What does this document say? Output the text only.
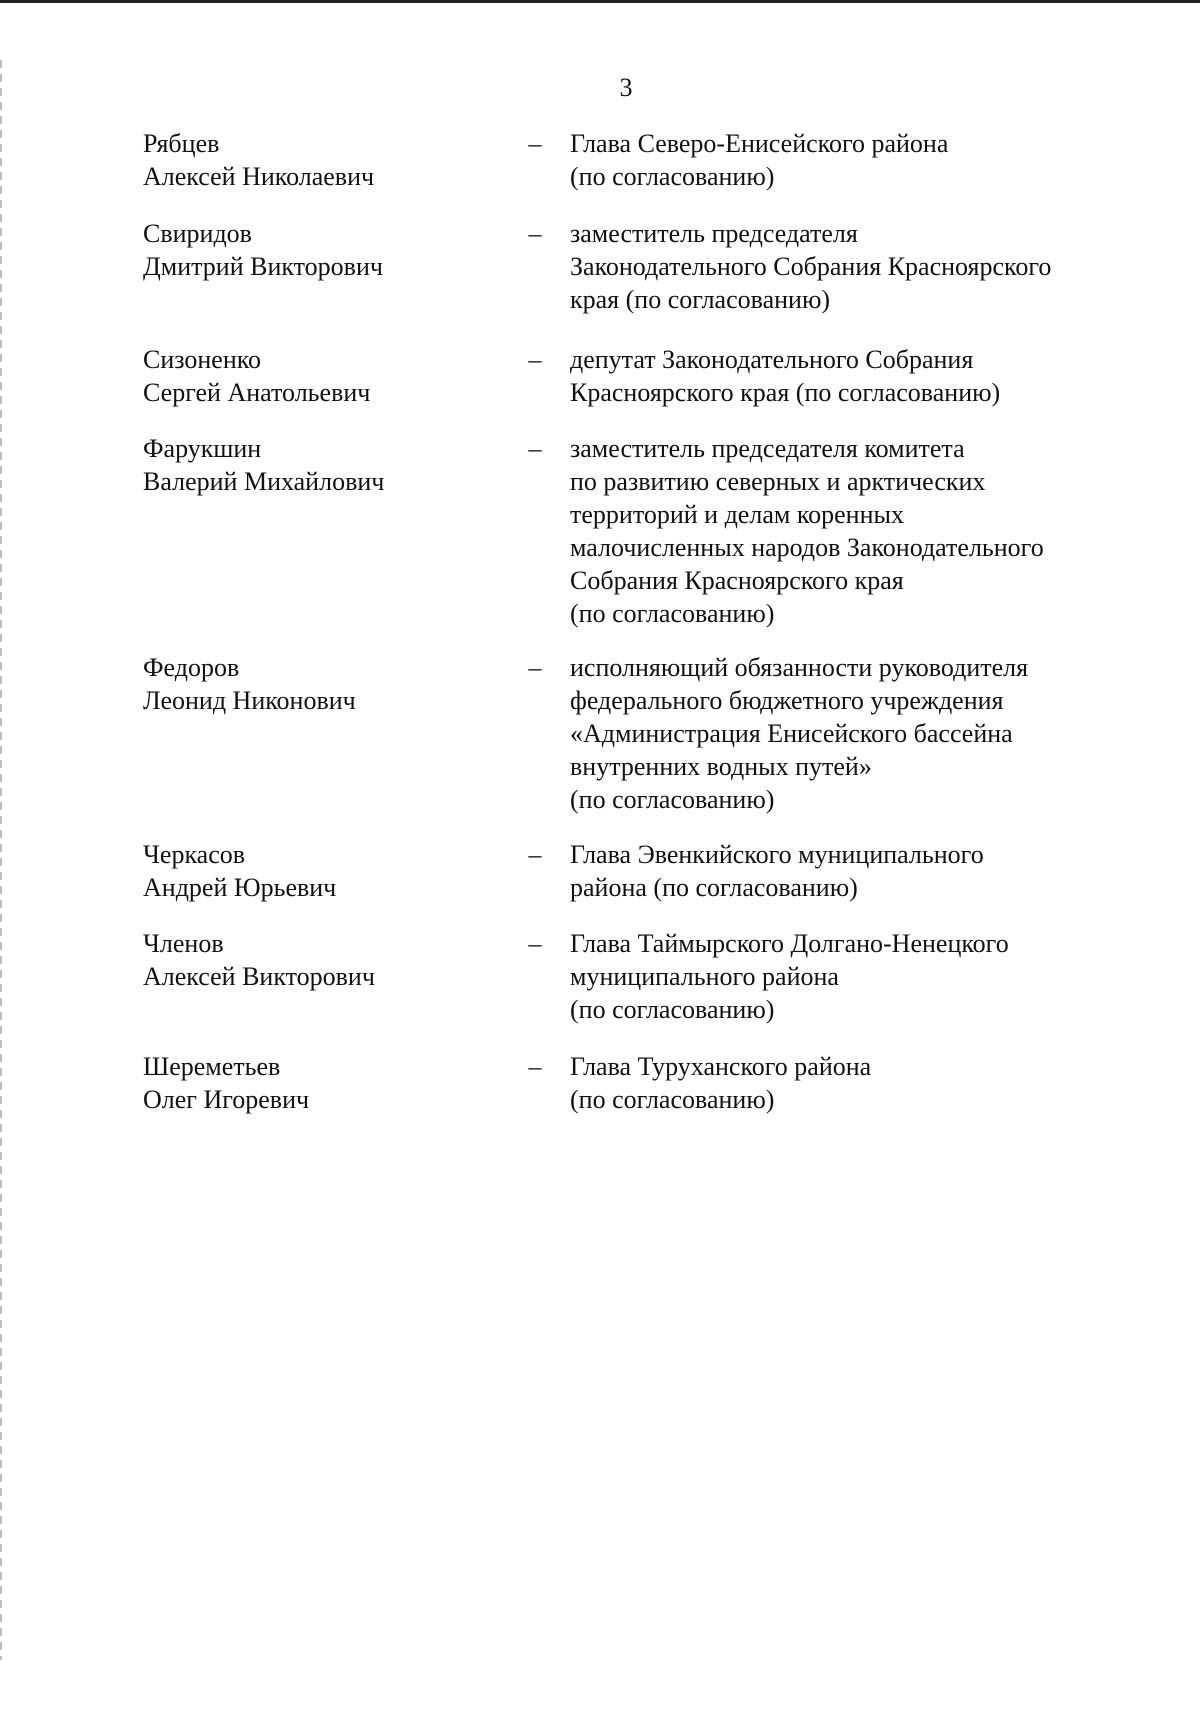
3
Рябцев
Алексей Николаевич
–	Глава Северо-Енисейского района
(по согласованию)
Свиридов
Дмитрий Викторович
–	заместитель председателя
Законодательного Собрания Красноярского
края (по согласованию)
Сизоненко
Сергей Анатольевич
–	депутат Законодательного Собрания
Красноярского края (по согласованию)
Фарукшин
Валерий Михайлович
–	заместитель председателя комитета
по развитию северных и арктических
территорий и делам коренных
малочисленных народов Законодательного
Собрания Красноярского края
(по согласованию)
Федоров
Леонид Никонович
–	исполняющий обязанности руководителя
федерального бюджетного учреждения
«Администрация Енисейского бассейна
внутренних водных путей»
(по согласованию)
Черкасов
Андрей Юрьевич
–	Глава Эвенкийского муниципального
района (по согласованию)
Членов
Алексей Викторович
–	Глава Таймырского Долгано-Ненецкого
муниципального района
(по согласованию)
Шереметьев
Олег Игоревич
–	Глава Туруханского района
(по согласованию)
